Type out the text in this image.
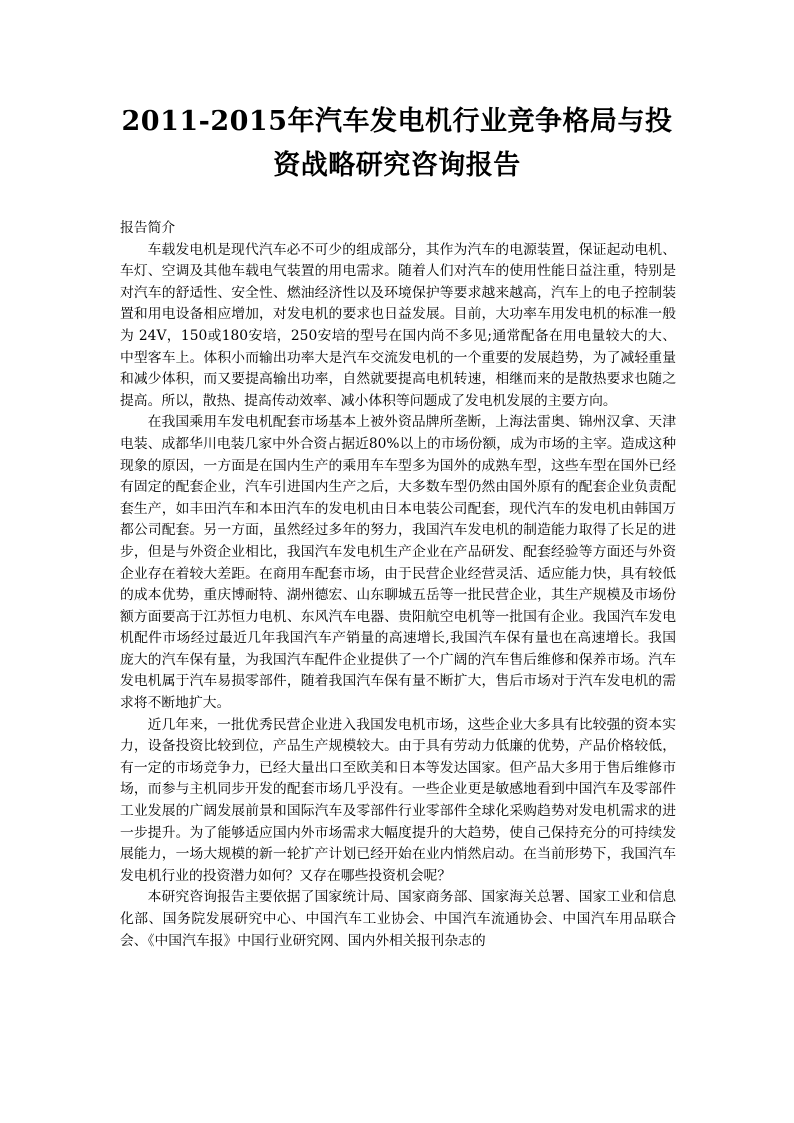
2011-2015年汽车发电机行业竞争格局与投
资战略研究咨询报告

报告简介

车载发电机是现代汽车必不可少的组成部分，其作为汽车的电源装置，保证起动电机、车灯、空调及其他车载电气装置的用电需求。随着人们对汽车的使用性能日益注重，特别是对汽车的舒适性、安全性、燃油经济性以及环境保护等要求越来越高，汽车上的电子控制装置和用电设备相应增加，对发电机的要求也日益发展。目前，大功率车用发电机的标准一般为 24V，150或180安培，250安培的型号在国内尚不多见;通常配备在用电量较大的大、中型客车上。体积小而输出功率大是汽车交流发电机的一个重要的发展趋势，为了减轻重量和减少体积，而又要提高输出功率，自然就要提高电机转速，相继而来的是散热要求也随之提高。所以，散热、提高传动效率、减小体积等问题成了发电机发展的主要方向。

在我国乘用车发电机配套市场基本上被外资品牌所垄断，上海法雷奥、锦州汉拿、天津电装、成都华川电装几家中外合资占据近80%以上的市场份额，成为市场的主宰。造成这种现象的原因，一方面是在国内生产的乘用车车型多为国外的成熟车型，这些车型在国外已经有固定的配套企业，汽车引进国内生产之后，大多数车型仍然由国外原有的配套企业负责配套生产，如丰田汽车和本田汽车的发电机由日本电装公司配套，现代汽车的发电机由韩国万都公司配套。另一方面，虽然经过多年的努力，我国汽车发电机的制造能力取得了长足的进步，但是与外资企业相比，我国汽车发电机生产企业在产品研发、配套经验等方面还与外资企业存在着较大差距。在商用车配套市场，由于民营企业经营灵活、适应能力快，具有较低的成本优势，重庆博耐特、湖州德宏、山东聊城五岳等一批民营企业，其生产规模及市场份额方面要高于江苏恒力电机、东风汽车电器、贵阳航空电机等一批国有企业。我国汽车发电机配件市场经过最近几年我国汽车产销量的高速增长,我国汽车保有量也在高速增长。我国庞大的汽车保有量，为我国汽车配件企业提供了一个广阔的汽车售后维修和保养市场。汽车发电机属于汽车易损零部件，随着我国汽车保有量不断扩大，售后市场对于汽车发电机的需求将不断地扩大。

近几年来，一批优秀民营企业进入我国发电机市场，这些企业大多具有比较强的资本实力，设备投资比较到位，产品生产规模较大。由于具有劳动力低廉的优势，产品价格较低，有一定的市场竞争力，已经大量出口至欧美和日本等发达国家。但产品大多用于售后维修市场，而参与主机同步开发的配套市场几乎没有。一些企业更是敏感地看到中国汽车及零部件工业发展的广阔发展前景和国际汽车及零部件行业零部件全球化采购趋势对发电机需求的进一步提升。为了能够适应国内外市场需求大幅度提升的大趋势，使自己保持充分的可持续发展能力，一场大规模的新一轮扩产计划已经开始在业内悄然启动。在当前形势下，我国汽车发电机行业的投资潜力如何？又存在哪些投资机会呢？

本研究咨询报告主要依据了国家统计局、国家商务部、国家海关总署、国家工业和信息化部、国务院发展研究中心、中国汽车工业协会、中国汽车流通协会、中国汽车用品联合会、《中国汽车报》中国行业研究网、国内外相关报刊杂志的
